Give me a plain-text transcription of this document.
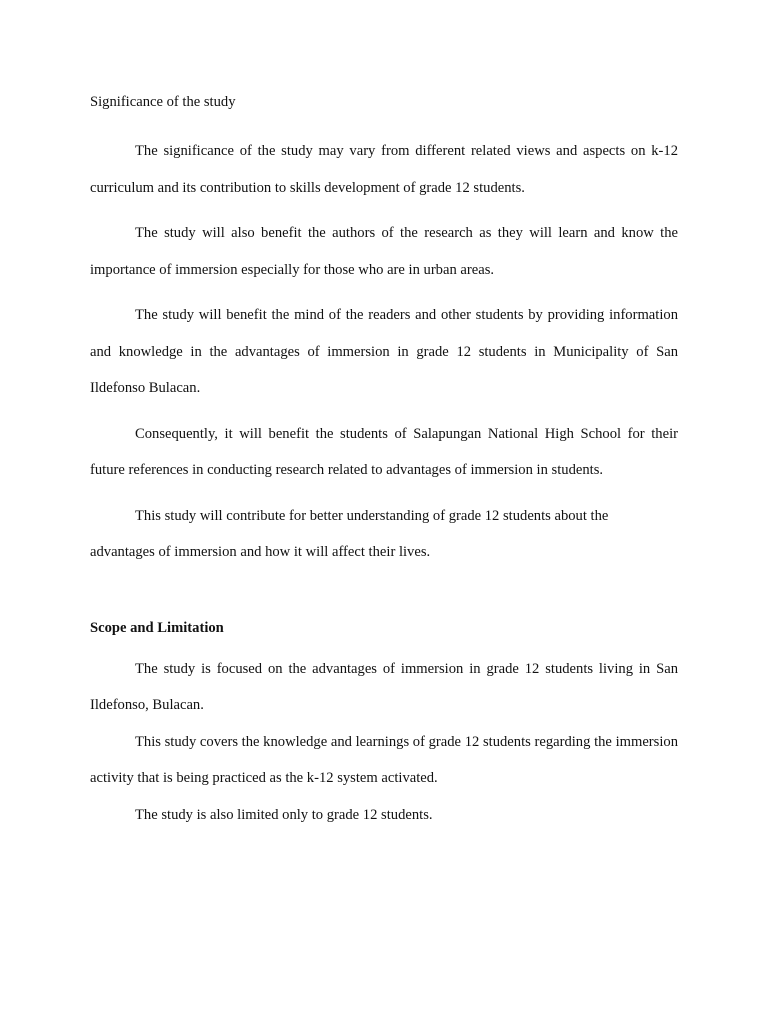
Significance of the study

The significance of the study may vary from different related views and aspects on k-12 curriculum and its contribution to skills development of grade 12 students.

The study will also benefit the authors of the research as they will learn and know the importance of immersion especially for those who are in urban areas.

The study will benefit the mind of the readers and other students by providing information and knowledge in the advantages of immersion in grade 12 students in Municipality of San Ildefonso Bulacan.

Consequently, it will benefit the students of Salapungan National High School for their future references in conducting research related to advantages of immersion in students.

This study will contribute for better understanding of grade 12 students about the advantages of immersion and how it will affect their lives.

Scope and Limitation

The study is focused on the advantages of immersion in grade 12 students living in San Ildefonso, Bulacan.

This study covers the knowledge and learnings of grade 12 students regarding the immersion activity that is being practiced as the k-12 system activated.

The study is also limited only to grade 12 students.
